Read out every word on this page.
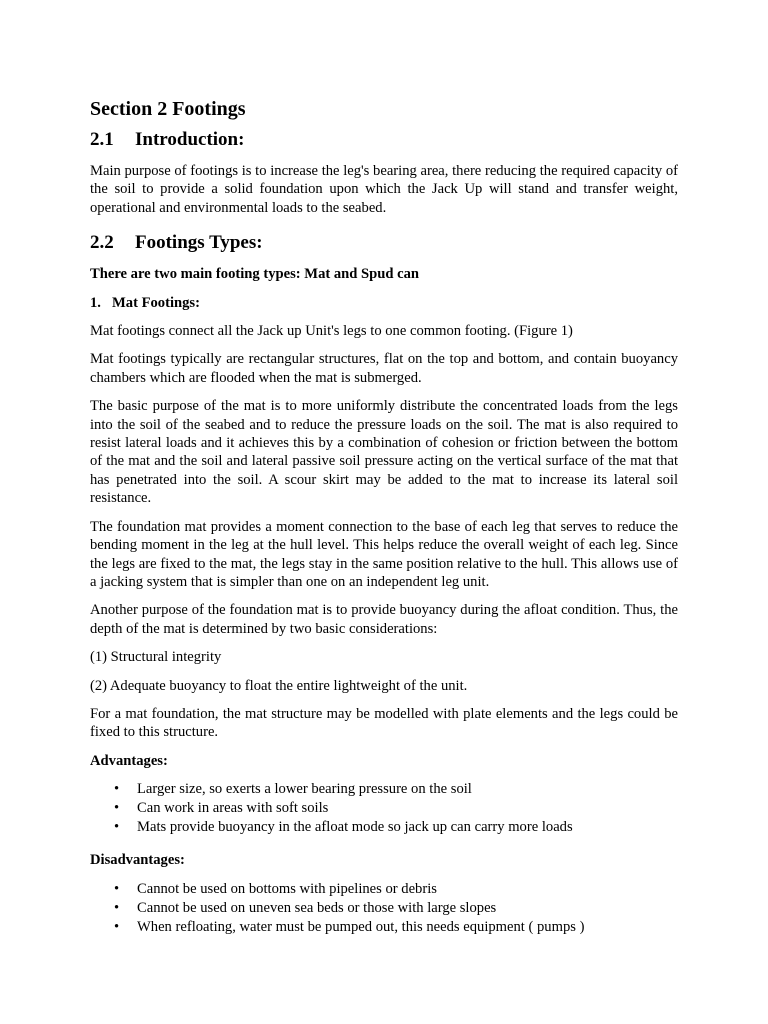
Section 2 Footings
2.1 Introduction:

Main purpose of footings is to increase the leg's bearing area, there reducing the required capacity of the soil to provide a solid foundation upon which the Jack Up will stand and transfer weight, operational and environmental loads to the seabed.

2.2 Footings Types:

There are two main footing types: Mat and Spud can

1. Mat Footings:

Mat footings connect all the Jack up Unit's legs to one common footing. (Figure 1)

Mat footings typically are rectangular structures, flat on the top and bottom, and contain buoyancy chambers which are flooded when the mat is submerged.

The basic purpose of the mat is to more uniformly distribute the concentrated loads from the legs into the soil of the seabed and to reduce the pressure loads on the soil. The mat is also required to resist lateral loads and it achieves this by a combination of cohesion or friction between the bottom of the mat and the soil and lateral passive soil pressure acting on the vertical surface of the mat that has penetrated into the soil. A scour skirt may be added to the mat to increase its lateral soil resistance.

The foundation mat provides a moment connection to the base of each leg that serves to reduce the bending moment in the leg at the hull level. This helps reduce the overall weight of each leg. Since the legs are fixed to the mat, the legs stay in the same position relative to the hull. This allows use of a jacking system that is simpler than one on an independent leg unit.

Another purpose of the foundation mat is to provide buoyancy during the afloat condition. Thus, the depth of the mat is determined by two basic considerations:

(1) Structural integrity

(2) Adequate buoyancy to float the entire lightweight of the unit.

For a mat foundation, the mat structure may be modelled with plate elements and the legs could be fixed to this structure.

Advantages:

• Larger size, so exerts a lower bearing pressure on the soil
• Can work in areas with soft soils
• Mats provide buoyancy in the afloat mode so jack up can carry more loads

Disadvantages:

• Cannot be used on bottoms with pipelines or debris
• Cannot be used on uneven sea beds or those with large slopes
• When refloating, water must be pumped out, this needs equipment ( pumps )
